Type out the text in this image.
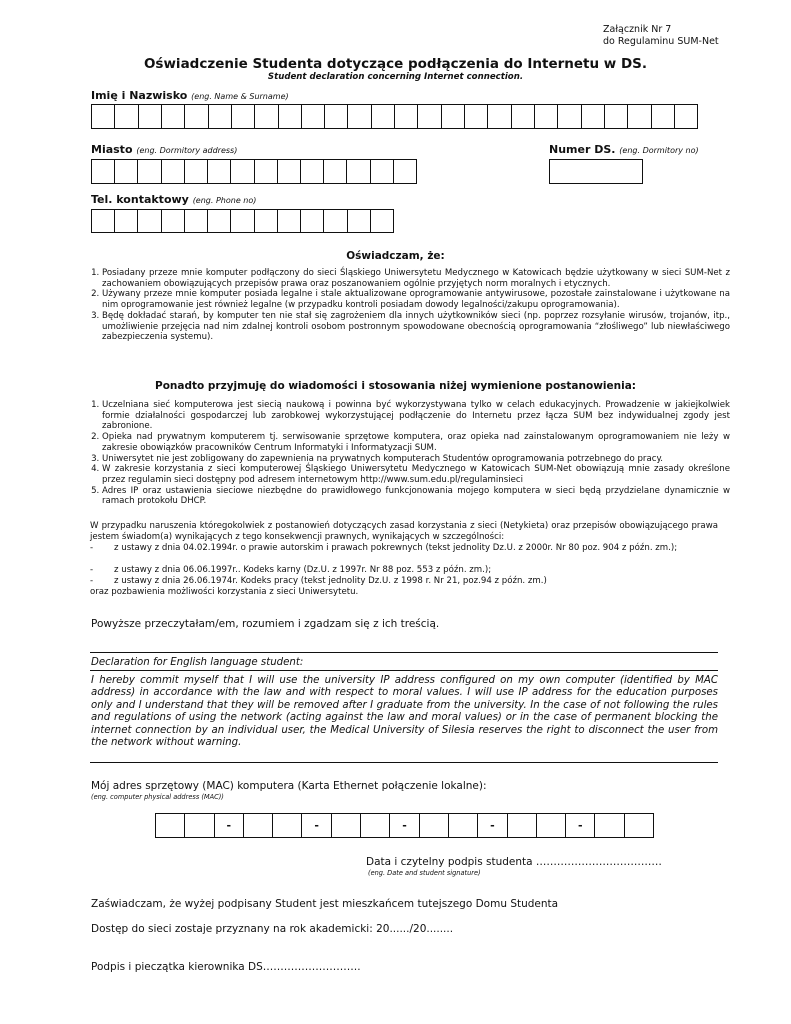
Załącznik Nr 7
do Regulaminu SUM-Net
Oświadczenie Studenta dotyczące podłączenia do Internetu w DS.
Student declaration concerning Internet connection.
Imię i Nazwisko (eng. Name & Surname)
Miasto (eng. Dormitory address)	Numer DS. (eng. Dormitory no)
Tel. kontaktowy (eng. Phone no)
Oświadczam, że:
1. Posiadany przeze mnie komputer podłączony do sieci Śląskiego Uniwersytetu Medycznego w Katowicach będzie użytkowany w sieci SUM-Net z zachowaniem obowiązujących przepisów prawa oraz poszanowaniem ogólnie przyjętych norm moralnych i etycznych.
2. Używany przeze mnie komputer posiada legalne i stale aktualizowane oprogramowanie antywirusowe, pozostałe zainstalowane i użytkowane na nim oprogramowanie jest również legalne (w przypadku kontroli posiadam dowody legalności/zakupu oprogramowania).
3. Będę dokładać starań, by komputer ten nie stał się zagrożeniem dla innych użytkowników sieci (np. poprzez rozsyłanie wirusów, trojanów, itp., umożliwienie przejęcia nad nim zdalnej kontroli osobom postronnym spowodowane obecnością oprogramowania “złośliwego” lub niewłaściwego zabezpieczenia systemu).
Ponadto przyjmuję do wiadomości i stosowania niżej wymienione postanowienia:
1. Uczelniana sieć komputerowa jest siecią naukową i powinna być wykorzystywana tylko w celach edukacyjnych. Prowadzenie w jakiejkolwiek formie działalności gospodarczej lub zarobkowej wykorzystującej podłączenie do Internetu przez łącza SUM bez indywidualnej zgody jest zabronione.
2. Opieka nad prywatnym komputerem tj. serwisowanie sprzętowe komputera, oraz opieka nad zainstalowanym oprogramowaniem nie leży w zakresie obowiązków pracowników Centrum Informatyki i Informatyzacji SUM.
3. Uniwersytet nie jest zobligowany do zapewnienia na prywatnych komputerach Studentów oprogramowania potrzebnego do pracy.
4. W zakresie korzystania z sieci komputerowej Śląskiego Uniwersytetu Medycznego w Katowicach SUM-Net obowiązują mnie zasady określone przez regulamin sieci dostępny pod adresem internetowym http://www.sum.edu.pl/regulaminsieci
5. Adres IP oraz ustawienia sieciowe niezbędne do prawidłowego funkcjonowania mojego komputera w sieci będą przydzielane dynamicznie w ramach protokołu DHCP.
W przypadku naruszenia któregokolwiek z postanowień dotyczących zasad korzystania z sieci (Netykieta) oraz przepisów obowiązującego prawa jestem świadom(a) wynikających z tego konsekwencji prawnych, wynikających w szczególności:
- z ustawy z dnia 04.02.1994r. o prawie autorskim i prawach pokrewnych (tekst jednolity Dz.U. z 2000r. Nr 80 poz. 904 z późn. zm.);
- z ustawy z dnia 06.06.1997r.. Kodeks karny (Dz.U. z 1997r. Nr 88 poz. 553 z późn. zm.);
- z ustawy z dnia 26.06.1974r. Kodeks pracy (tekst jednolity Dz.U. z 1998 r. Nr 21, poz.94 z późn. zm.)
oraz pozbawienia możliwości korzystania z sieci Uniwersytetu.
Powyższe przeczytałam/em, rozumiem i zgadzam się z ich treścią.
Declaration for English language student:
I hereby commit myself that I will use the university IP address configured on my own computer (identified by MAC address) in accordance with the law and with respect to moral values. I will use IP address for the education purposes only and I understand that they will be removed after I graduate from the university. In the case of not following the rules and regulations of using the network (acting against the law and moral values) or in the case of permanent blocking the internet connection by an individual user, the Medical University of Silesia reserves the right to disconnect the user from the network without warning.
Mój adres sprzętowy (MAC) komputera (Karta Ethernet połączenie lokalne):
(eng. computer physical address (MAC))
-	-	-	-	-
Data i czytelny podpis studenta ………………………………
(eng. Date and student signature)
Zaświadczam, że wyżej podpisany Student jest mieszkańcem tutejszego Domu Studenta
Dostęp do sieci zostaje przyznany na rok akademicki: 20....../20........
Podpis i pieczątka kierownika DS……………………….
